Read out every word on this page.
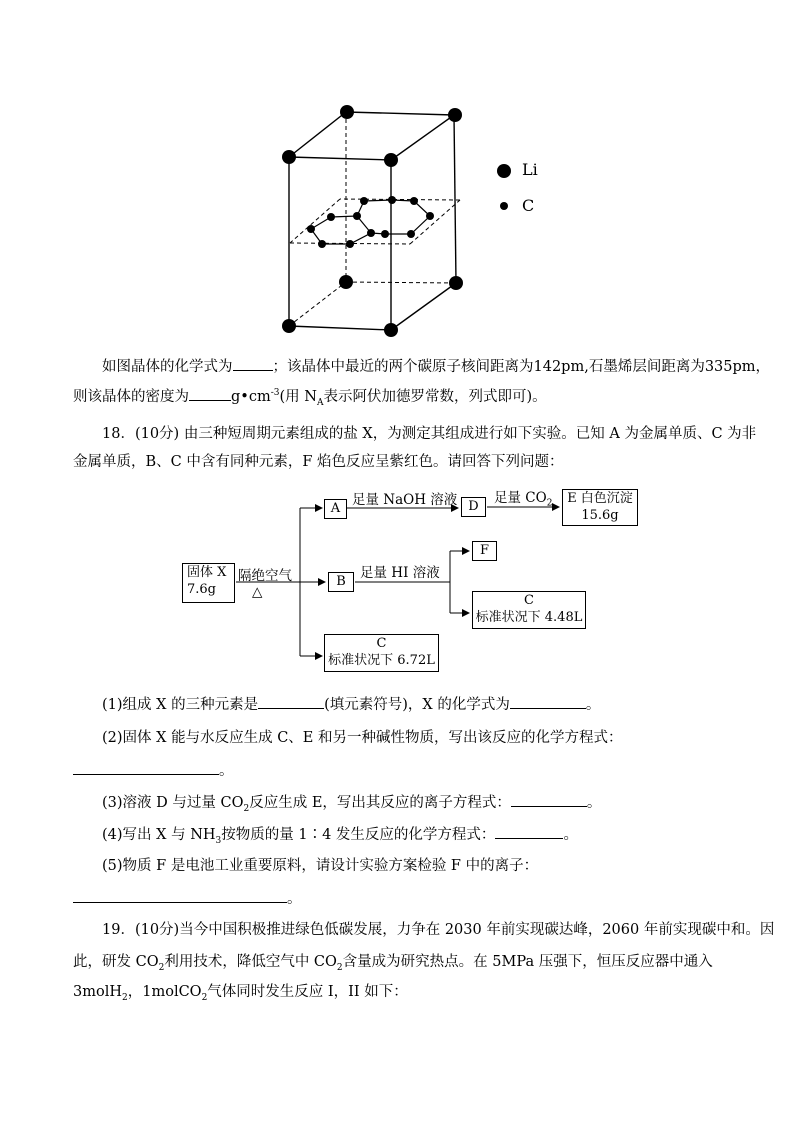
Li
C
如图晶体的化学式为	；该晶体中最近的两个碳原子核间距离为142pm,石墨烯层间距离为335pm，
则该晶体的密度为	$g•cm^{-3}$(用 $N_A$表示阿伏加德罗常数，列式即可)。
18．(10分) 由三种短周期元素组成的盐 X，为测定其组成进行如下实验。已知 A 为金属单质、C 为非
金属单质，B、C 中含有同种元素，F 焰色反应呈紫红色。请回答下列问题：
固体 X
7.6g
隔绝空气
△
A
足量 NaOH 溶液 D
足量 $CO_2$	E 白色沉淀
15.6g
B
足量 HI 溶液
F
C
标准状况下 4.48L
C
标准状况下 6.72L
(1)组成 X 的三种元素是	(填元素符号)，X 的化学式为	。
(2)固体 X 能与水反应生成 C、E 和另一种碱性物质，写出该反应的化学方程式：
。
(3)溶液 D 与过量 $CO_2$反应生成 E，写出其反应的离子方程式：	。
(4)写出 X 与 $NH_3$按物质的量 1∶4 发生反应的化学方程式：	。
(5)物质 F 是电池工业重要原料，请设计实验方案检验 F 中的离子：
。
19．(10分)当今中国积极推进绿色低碳发展，力争在 2030 年前实现碳达峰，2060 年前实现碳中和。因
此，研发 $CO_2$利用技术，降低空气中 $CO_2$含量成为研究热点。在 5MPa 压强下，恒压反应器中通入
3molH$_2$，1molCO$_2$气体同时发生反应 I，II 如下：
